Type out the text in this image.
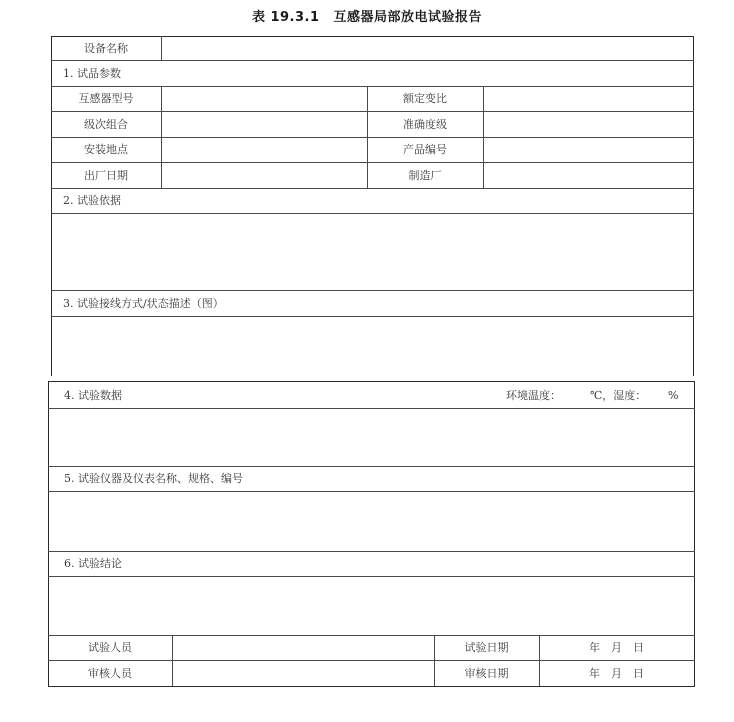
表 19.3.1 互感器局部放电试验报告
设备名称
1. 试品参数
互感器型号	额定变比
级次组合	准确度级
安装地点	产品编号
出厂日期	制造厂
2. 试验依据
3. 试验接线方式/状态描述（图）
4. 试验数据	环境温度：	℃，湿度：	%
5. 试验仪器及仪表名称、规格、编号
6. 试验结论
试验人员	试验日期	年　月　日
审核人员	审核日期	年　月　日
